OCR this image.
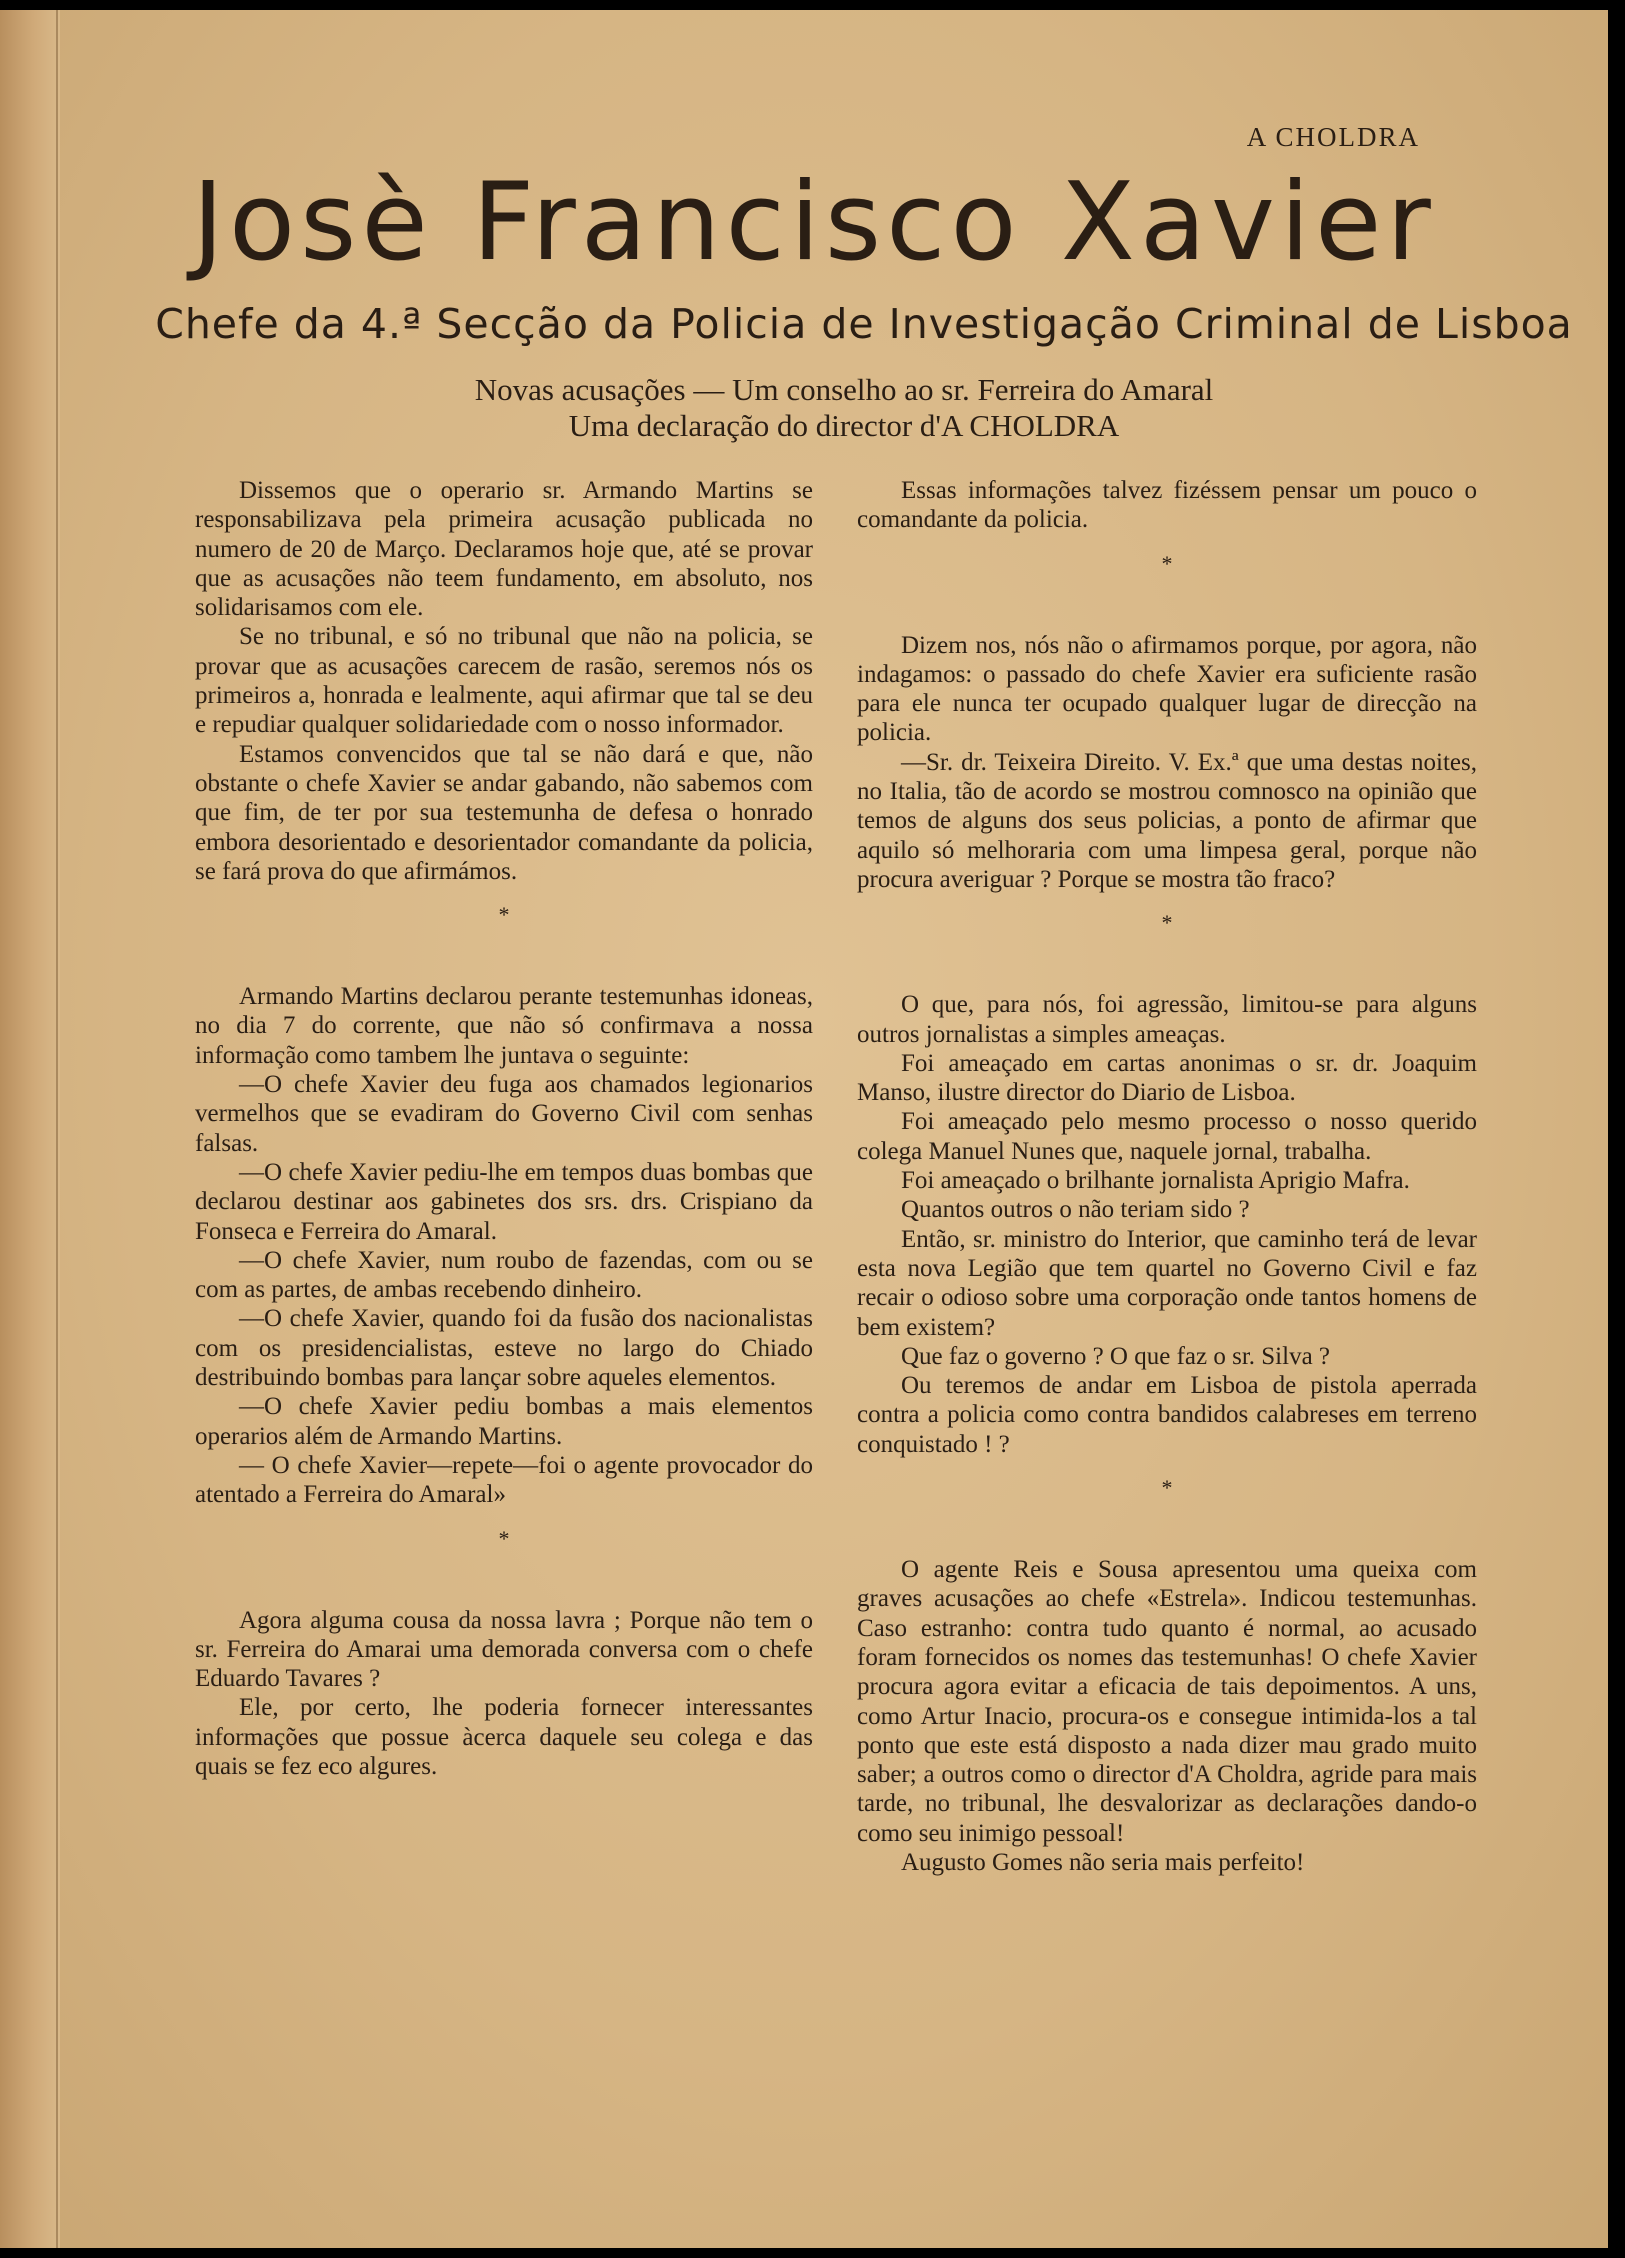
A CHOLDRA

Josè Francisco Xavier
Chefe da 4.ª Secção da Policia de Investigação Criminal de Lisboa
Novas acusações — Um conselho ao sr. Ferreira do Amaral
Uma declaração do director d'A CHOLDRA

Dissemos que o operario sr. Armando Martins se responsabilizava pela primeira acusação publicada no numero de 20 de Março. Declaramos hoje que, até se provar que as acusações não teem fundamento, em absoluto, nos solidarisamos com ele.

Se no tribunal, e só no tribunal que não na policia, se provar que as acusações carecem de rasão, seremos nós os primeiros a, honrada e lealmente, aqui afirmar que tal se deu e repudiar qualquer solidariedade com o nosso informador.

Estamos convencidos que tal se não dará e que, não obstante o chefe Xavier se andar gabando, não sabemos com que fim, de ter por sua testemunha de defesa o honrado embora desorientado e desorientador comandante da policia, se fará prova do que afirmámos.

*

Armando Martins declarou perante testemunhas idoneas, no dia 7 do corrente, que não só confirmava a nossa informação como tambem lhe juntava o seguinte:

—O chefe Xavier deu fuga aos chamados legionarios vermelhos que se evadiram do Governo Civil com senhas falsas.

—O chefe Xavier pediu-lhe em tempos duas bombas que declarou destinar aos gabinetes dos srs. drs. Crispiano da Fonseca e Ferreira do Amaral.

—O chefe Xavier, num roubo de fazendas, com ou se com as partes, de ambas recebendo dinheiro.

—O chefe Xavier, quando foi da fusão dos nacionalistas com os presidencialistas, esteve no largo do Chiado destribuindo bombas para lançar sobre aqueles elementos.

—O chefe Xavier pediu bombas a mais elementos operarios além de Armando Martins.

— O chefe Xavier—repete—foi o agente provocador do atentado a Ferreira do Amaral»

*

Agora alguma cousa da nossa lavra ; Porque não tem o sr. Ferreira do Amarai uma demorada conversa com o chefe Eduardo Tavares ?

Ele, por certo, lhe poderia fornecer interessantes informações que possue àcerca daquele seu colega e das quais se fez eco algures.

Essas informações talvez fizéssem pensar um pouco o comandante da policia.

*

Dizem nos, nós não o afirmamos porque, por agora, não indagamos: o passado do chefe Xavier era suficiente rasão para ele nunca ter ocupado qualquer lugar de direcção na policia.

—Sr. dr. Teixeira Direito. V. Ex.ª que uma destas noites, no Italia, tão de acordo se mostrou comnosco na opinião que temos de alguns dos seus policias, a ponto de afirmar que aquilo só melhoraria com uma limpesa geral, porque não procura averiguar ? Porque se mostra tão fraco?

*

O que, para nós, foi agressão, limitou-se para alguns outros jornalistas a simples ameaças.

Foi ameaçado em cartas anonimas o sr. dr. Joaquim Manso, ilustre director do Diario de Lisboa.

Foi ameaçado pelo mesmo processo o nosso querido colega Manuel Nunes que, naquele jornal, trabalha.

Foi ameaçado o brilhante jornalista Aprigio Mafra.

Quantos outros o não teriam sido ?

Então, sr. ministro do Interior, que caminho terá de levar esta nova Legião que tem quartel no Governo Civil e faz recair o odioso sobre uma corporação onde tantos homens de bem existem?

Que faz o governo ? O que faz o sr. Silva ?

Ou teremos de andar em Lisboa de pistola aperrada contra a policia como contra bandidos calabreses em terreno conquistado ! ?

*

O agente Reis e Sousa apresentou uma queixa com graves acusações ao chefe «Estrela». Indicou testemunhas. Caso estranho: contra tudo quanto é normal, ao acusado foram fornecidos os nomes das testemunhas! O chefe Xavier procura agora evitar a eficacia de tais depoimentos. A uns, como Artur Inacio, procura-os e consegue intimida-los a tal ponto que este está disposto a nada dizer mau grado muito saber; a outros como o director d'A Choldra, agride para mais tarde, no tribunal, lhe desvalorizar as declarações dando-o como seu inimigo pessoal!

Augusto Gomes não seria mais perfeito!
